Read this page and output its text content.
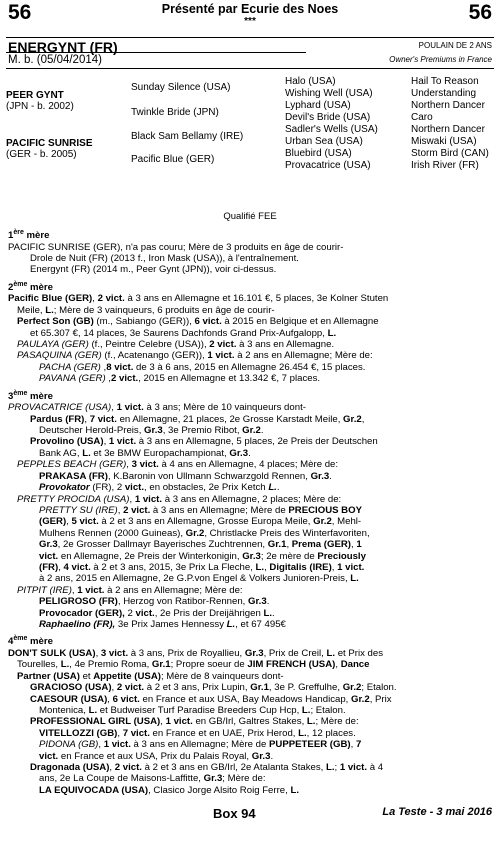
56	56
Présenté par Ecurie des Noes
***
ENERGYNT (FR)
M. b. (05/04/2014)
POULAIN DE 2 ANS
Owner's Premiums in France
PEER GYNT
(JPN - b. 2002)
PACIFIC SUNRISE
(GER - b. 2005)
Sunday Silence (USA)
Twinkle Bride (JPN)
Black Sam Bellamy (IRE)
Pacific Blue (GER)
Halo (USA)
Wishing Well (USA)
Lyphard (USA)
Devil's Bride (USA)
Sadler's Wells (USA)
Urban Sea (USA)
Bluebird (USA)
Provacatrice (USA)
Hail To Reason
Understanding
Northern Dancer
Caro
Northern Dancer
Miswaki (USA)
Storm Bird (CAN)
Irish River (FR)
Qualifié FEE
1ère mère
PACIFIC SUNRISE (GER), n'a pas couru; Mère de 3 produits en âge de courir-
Drole de Nuit (FR) (2013 f., Iron Mask (USA)), à l'entraînement.
Energynt (FR) (2014 m., Peer Gynt (JPN)), voir ci-dessus.
2ème mère
Pacific Blue (GER), 2 vict. à 3 ans en Allemagne et 16.101 €, 5 places, 3e Kolner Stuten
Meile, L.; Mère de 3 vainqueurs, 6 produits en âge de courir-
Perfect Son (GB) (m., Sabiango (GER)), 6 vict. à 2015 en Belgique et en Allemagne
et 65.307 €, 14 places, 3e Saurens Dachfonds Grand Prix-Aufgalopp, L.
PAULAYA (GER) (f., Peintre Celebre (USA)), 2 vict. à 3 ans en Allemagne.
PASAQUINA (GER) (f., Acatenango (GER)), 1 vict. à 2 ans en Allemagne; Mère de:
PACHA (GER) ,8 vict. de 3 à 6 ans, 2015 en Allemagne 26.454 €, 15 places.
PAVANA (GER) ,2 vict., 2015 en Allemagne et 13.342 €, 7 places.
3ème mère
PROVACATRICE (USA), 1 vict. à 3 ans; Mère de 10 vainqueurs dont-
Pardus (FR), 7 vict. en Allemagne, 21 places, 2e Grosse Karstadt Meile, Gr.2,
Deutscher Herold-Preis, Gr.3, 3e Premio Ribot, Gr.2.
Provolino (USA), 1 vict. à 3 ans en Allemagne, 5 places, 2e Preis der Deutschen
Bank AG, L. et 3e BMW Europachampionat, Gr.3.
PEPPLES BEACH (GER), 3 vict. à 4 ans en Allemagne, 4 places; Mère de:
PRAKASA (FR), K.Baronin von Ullmann Schwarzgold Rennen, Gr.3.
Provokator (FR), 2 vict., en obstacles, 2e Prix Ketch L..
PRETTY PROCIDA (USA), 1 vict. à 3 ans en Allemagne, 2 places; Mère de:
PRETTY SU (IRE), 2 vict. à 3 ans en Allemagne; Mère de PRECIOUS BOY
(GER), 5 vict. à 2 et 3 ans en Allemagne, Grosse Europa Meile, Gr.2, Mehl-
Mulhens Rennen (2000 Guineas), Gr.2, Christlacke Preis des Winterfavoriten,
Gr.3, 2e Grosser Dallmayr Bayerisches Zuchtrennen, Gr.1, Prema (GER), 1
vict. en Allemagne, 2e Preis der Winterkonigin, Gr.3; 2e mère de Preciously
(FR), 4 vict. à 2 et 3 ans, 2015, 3e Prix La Fleche, L., Digitalis (IRE), 1 vict.
à 2 ans, 2015 en Allemagne, 2e G.P.von Engel & Volkers Junioren-Preis, L.
PITPIT (IRE), 1 vict. à 2 ans en Allemagne; Mère de:
PELIGROSO (FR), Herzog von Ratibor-Rennen, Gr.3.
Provocador (GER), 2 vict., 2e Pris der Dreijährigen L..
Raphaelino (FR), 3e Prix James Hennessy L., et 67 495€
4ème mère
DON'T SULK (USA), 3 vict. à 3 ans, Prix de Royallieu, Gr.3, Prix de Creil, L. et Prix des
Tourelles, L., 4e Premio Roma, Gr.1; Propre soeur de JIM FRENCH (USA), Dance
Partner (USA) et Appetite (USA); Mère de 8 vainqueurs dont-
GRACIOSO (USA), 2 vict. à 2 et 3 ans, Prix Lupin, Gr.1, 3e P. Greffulhe, Gr.2; Etalon.
CAESOUR (USA), 6 vict. en France et aux USA, Bay Meadows Handicap, Gr.2, Prix
Montenica, L. et Budweiser Turf Paradise Breeders Cup Hcp, L.; Etalon.
PROFESSIONAL GIRL (USA), 1 vict. en GB/Irl, Galtres Stakes, L.; Mère de:
VITELLOZZI (GB), 7 vict. en France et en UAE, Prix Herod, L., 12 places.
PIDONA (GB), 1 vict. à 3 ans en Allemagne; Mère de PUPPETEER (GB), 7
vict. en France et aux USA, Prix du Palais Royal, Gr.3.
Dragonada (USA), 2 vict. à 2 et 3 ans en GB/Irl, 2e Atalanta Stakes, L.; 1 vict. à 4
ans, 2e La Coupe de Maisons-Laffitte, Gr.3; Mère de:
LA EQUIVOCADA (USA), Clasico Jorge Alsito Roig Ferre, L.
Box 94	La Teste - 3 mai 2016
